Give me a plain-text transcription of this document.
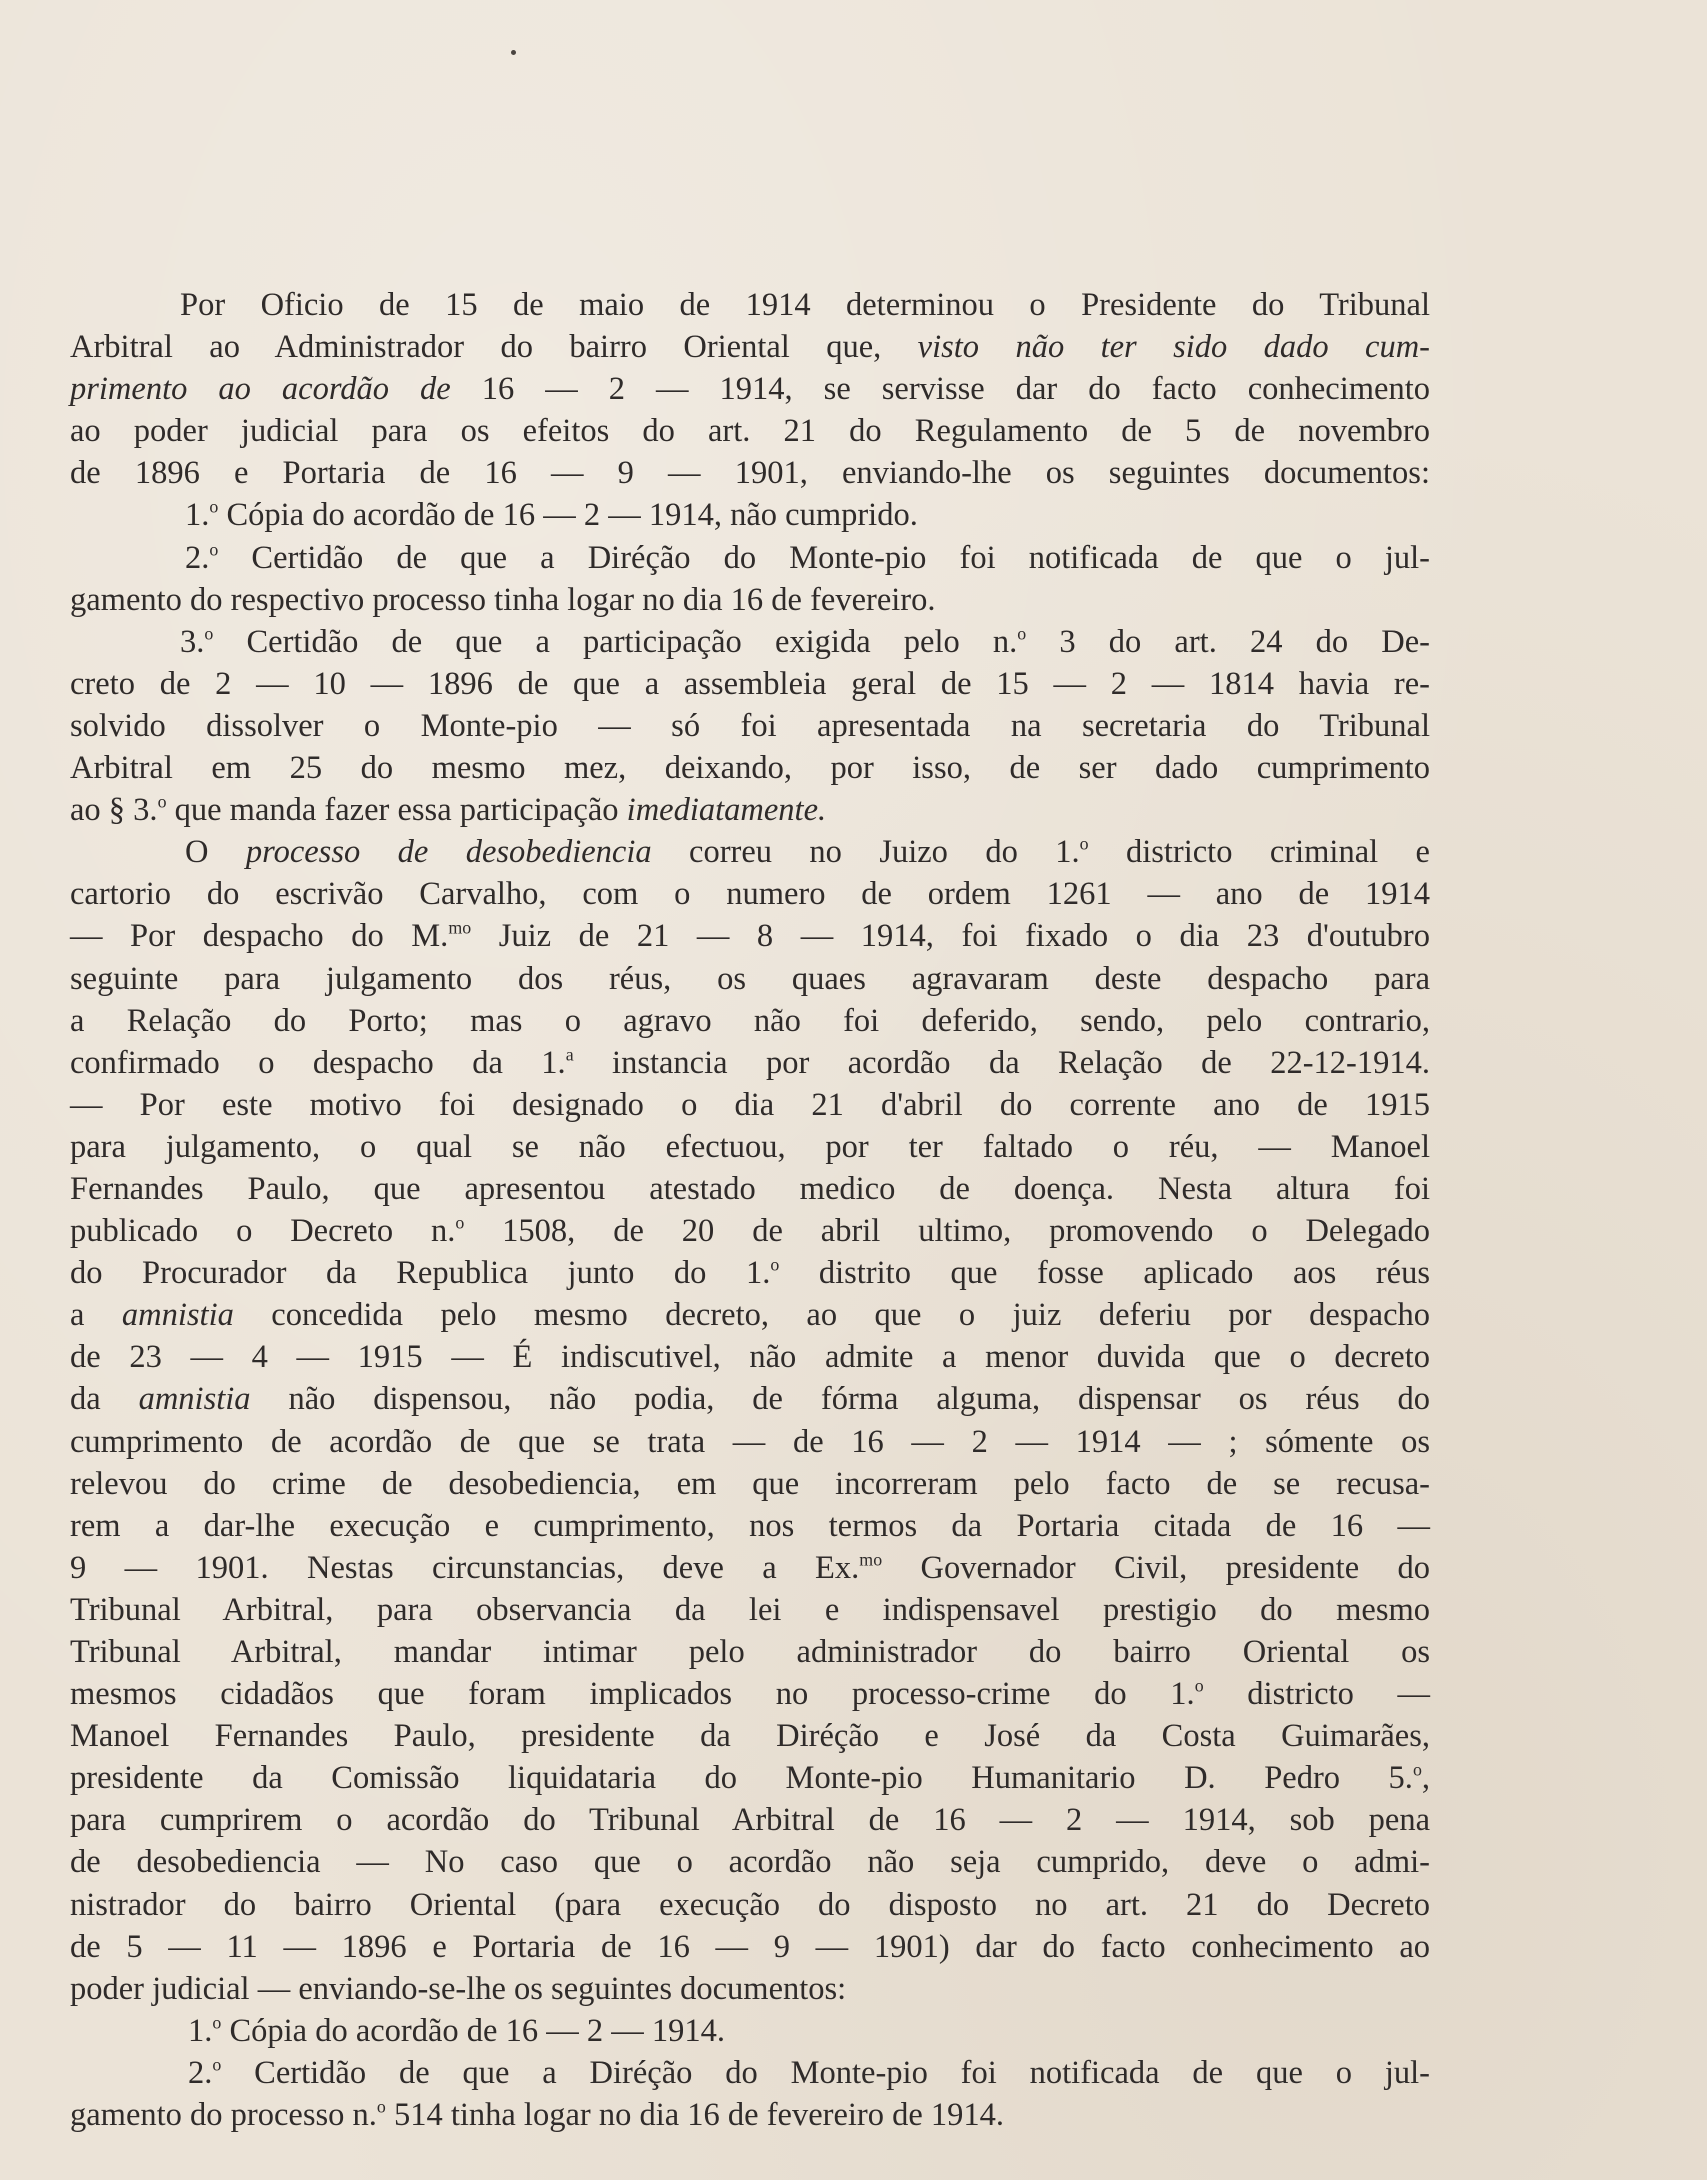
Por Oficio de 15 de maio de 1914 determinou o Presidente do Tribunal
Arbitral ao Administrador do bairro Oriental que, visto não ter sido dado cum-
primento ao acordão de 16 — 2 — 1914, se servisse dar do facto conhecimento
ao poder judicial para os efeitos do art. 21 do Regulamento de 5 de novembro
de 1896 e Portaria de 16 — 9 — 1901, enviando-lhe os seguintes documentos:
1.$^o$ Cópia do acordão de 16 — 2 — 1914, não cumprido.
2.$^o$ Certidão de que a Diréção do Monte-pio foi notificada de que o jul-
gamento do respectivo processo tinha logar no dia 16 de fevereiro.
3.$^o$ Certidão de que a participação exigida pelo n.$^o$ 3 do art. 24 do De-
creto de 2 — 10 — 1896 de que a assembleia geral de 15 — 2 — 1814 havia re-
solvido dissolver o Monte-pio — só foi apresentada na secretaria do Tribunal
Arbitral em 25 do mesmo mez, deixando, por isso, de ser dado cumprimento
ao § 3.$^o$ que manda fazer essa participação imediatamente.
O processo de desobediencia correu no Juizo do 1.$^o$ districto criminal e
cartorio do escrivão Carvalho, com o numero de ordem 1261 — ano de 1914
— Por despacho do M.$^{mo}$ Juiz de 21 — 8 — 1914, foi fixado o dia 23 d'outubro
seguinte para julgamento dos réus, os quaes agravaram deste despacho para
a Relação do Porto; mas o agravo não foi deferido, sendo, pelo contrario,
confirmado o despacho da 1.$^a$ instancia por acordão da Relação de 22-12-1914.
— Por este motivo foi designado o dia 21 d'abril do corrente ano de 1915
para julgamento, o qual se não efectuou, por ter faltado o réu, — Manoel
Fernandes Paulo, que apresentou atestado medico de doença. Nesta altura foi
publicado o Decreto n.$^o$ 1508, de 20 de abril ultimo, promovendo o Delegado
do Procurador da Republica junto do 1.$^o$ distrito que fosse aplicado aos réus
a amnistia concedida pelo mesmo decreto, ao que o juiz deferiu por despacho
de 23 — 4 — 1915 — É indiscutivel, não admite a menor duvida que o decreto
da amnistia não dispensou, não podia, de fórma alguma, dispensar os réus do
cumprimento de acordão de que se trata — de 16 — 2 — 1914 — ; sómente os
relevou do crime de desobediencia, em que incorreram pelo facto de se recusa-
rem a dar-lhe execução e cumprimento, nos termos da Portaria citada de 16 —
9 — 1901. Nestas circunstancias, deve a Ex.$^{mo}$ Governador Civil, presidente do
Tribunal Arbitral, para observancia da lei e indispensavel prestigio do mesmo
Tribunal Arbitral, mandar intimar pelo administrador do bairro Oriental os
mesmos cidadãos que foram implicados no processo-crime do 1.$^o$ districto —
Manoel Fernandes Paulo, presidente da Diréção e José da Costa Guimarães,
presidente da Comissão liquidataria do Monte-pio Humanitario D. Pedro 5.$^o$,
para cumprirem o acordão do Tribunal Arbitral de 16 — 2 — 1914, sob pena
de desobediencia — No caso que o acordão não seja cumprido, deve o admi-
nistrador do bairro Oriental (para execução do disposto no art. 21 do Decreto
de 5 — 11 — 1896 e Portaria de 16 — 9 — 1901) dar do facto conhecimento ao
poder judicial — enviando-se-lhe os seguintes documentos:
1.$^o$ Cópia do acordão de 16 — 2 — 1914.
2.$^o$ Certidão de que a Diréção do Monte-pio foi notificada de que o jul-
gamento do processo n.$^o$ 514 tinha logar no dia 16 de fevereiro de 1914.
